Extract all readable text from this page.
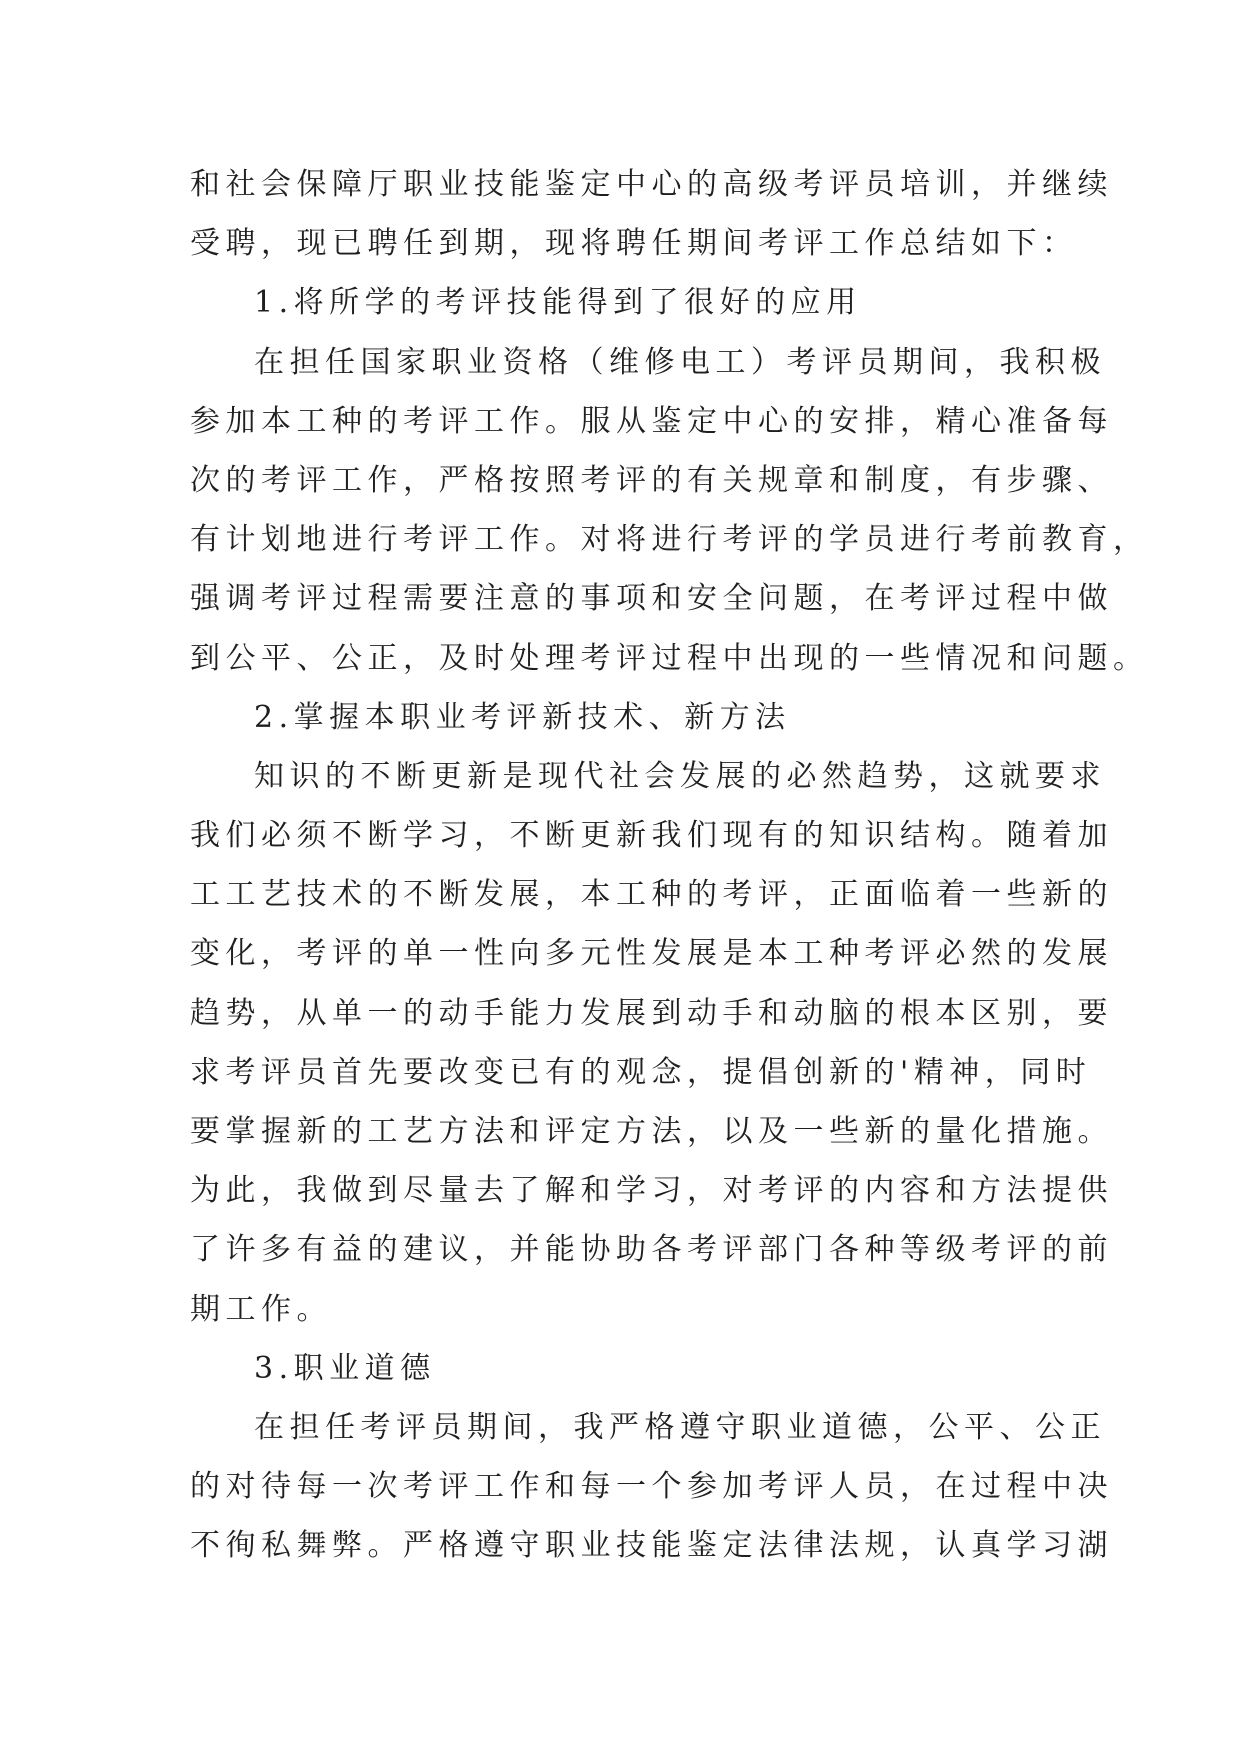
和社会保障厅职业技能鉴定中心的高级考评员培训，并继续
受聘，现已聘任到期，现将聘任期间考评工作总结如下：
1.将所学的考评技能得到了很好的应用
在担任国家职业资格（维修电工）考评员期间，我积极
参加本工种的考评工作。服从鉴定中心的安排，精心准备每
次的考评工作，严格按照考评的有关规章和制度，有步骤、
有计划地进行考评工作。对将进行考评的学员进行考前教育，
强调考评过程需要注意的事项和安全问题，在考评过程中做
到公平、公正，及时处理考评过程中出现的一些情况和问题。
2.掌握本职业考评新技术、新方法
知识的不断更新是现代社会发展的必然趋势，这就要求
我们必须不断学习，不断更新我们现有的知识结构。随着加
工工艺技术的不断发展，本工种的考评，正面临着一些新的
变化，考评的单一性向多元性发展是本工种考评必然的发展
趋势，从单一的动手能力发展到动手和动脑的根本区别，要
求考评员首先要改变已有的观念，提倡创新的'精神，同时
要掌握新的工艺方法和评定方法，以及一些新的量化措施。
为此，我做到尽量去了解和学习，对考评的内容和方法提供
了许多有益的建议，并能协助各考评部门各种等级考评的前
期工作。
3.职业道德
在担任考评员期间，我严格遵守职业道德，公平、公正
的对待每一次考评工作和每一个参加考评人员，在过程中决
不徇私舞弊。严格遵守职业技能鉴定法律法规，认真学习湖
